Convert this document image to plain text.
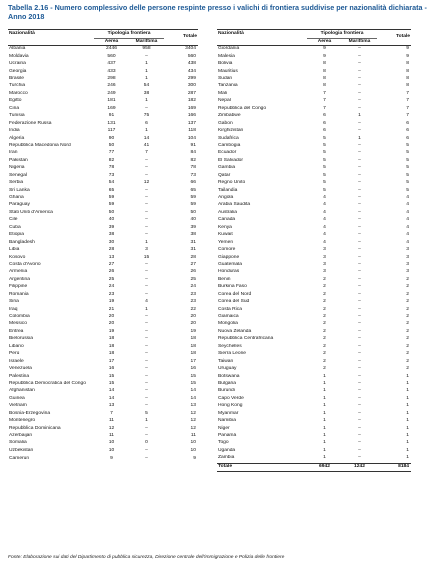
Tabella 2.16 - Numero complessivo delle persone respinte presso i valichi di frontiera suddivise per nazionalità dichiarata - Anno 2018
Nazionalità	Tipologia frontiera		Totale		Nazionalità	Tipologia frontiera		Totale
	Aerea	Marittima				Aerea	Marittima	
Albania	2446	958	3404		Giordania	9	–	9
Moldavia	560	–	560		Malesia	9	–	9
Ucraina	437	1	438		Bolivia	8	–	8
Georgia	433	1	434		Mauritius	8	–	8
Brasile	298	1	299		Sudan	8	–	8
Turchia	246	54	300		Tanzania	8	–	8
Marocco	249	38	287		Mali	7	–	7
Egitto	181	1	182		Nepal	7	–	7
Cina	169	–	169		Repubblica del Congo	7	–	7
Tunisia	91	75	166		Zimbabwe	6	1	7
Federazione Russa	131	6	137		Gabon	6	–	6
India	117	1	118		Kirghizistan	6	–	6
Algeria	90	14	104		Sudafrica	5	1	6
Repubblica Macedonia Nord	50	41	91		Cambogia	5	–	5
Iran	77	7	84		Ecuador	5	–	5
Pakistan	82	–	82		El Salvador	5	–	5
Nigeria	78	–	78		Gambia	5	–	5
Senegal	73	–	73		Qatar	5	–	5
Serbia	54	12	66		Regno Unito	5	–	5
Sri Lanka	65	–	65		Tailandia	5	–	5
Ghana	59	–	59		Angola	4	–	4
Paraguay	59	–	59		Arabia Saudita	4	–	4
Stati Uniti d'America	50	–	50		Australia	4	–	4
Cile	40	–	40		Canada	4	–	4
Cuba	39	–	39		Kenya	4	–	4
Etiopia	38	–	38		Kuwait	4	–	4
Bangladesh	30	1	31		Yemen	4	–	4
Libia	28	3	31		Comore	3	–	3
Kosovo	13	15	28		Giappone	3	–	3
Costa d'Avorio	27	–	27		Guatemala	3	–	3
Armenia	26	–	26		Honduras	3	–	3
Argentina	25	–	25		Benin	2	–	2
Filippine	24	–	24		Burkina Faso	2	–	2
Romania	23	–	23		Corea del Nord	2	–	2
Siria	19	4	23		Corea del Sud	2	–	2
Iraq	21	1	22		Costa Rica	2	–	2
Colombia	20	–	20		Giamaica	2	–	2
Messico	20	–	20		Mongolia	2	–	2
Eritrea	19	–	19		Nuova Zelanda	2	–	2
Bielorussia	18	–	18		Repubblica Centrafricana	2	–	2
Libano	18	–	18		Seychelles	2	–	2
Perù	18	–	18		Sierra Leone	2	–	2
Israele	17	–	17		Taiwan	2	–	2
Venezuela	16	–	16		Uruguay	2	–	2
Palestina	15	–	15		Botswana	1	–	1
Repubblica Democratica del Congo	15	–	15		Bulgaria	1	–	1
Afghanistan	14	–	14		Burundi	1	–	1
Guinea	14	–	14		Capo Verde	1	–	1
Vietnam	13	–	13		Hong Kong	1	–	1
Bosnia-Erzegovina	7	5	12		Myanmar	1	–	1
Montenegro	11	1	12		Namibia	1	–	1
Repubblica Dominicana	12	–	12		Niger	1	–	1
Azerbaijan	11	–	11		Panamá	1	–	1
Somalia	10	0	10		Togo	1	–	1
Uzbekistan	10	–	10		Uganda	1	–	1
Camerun	9	–	9		Zambia	1	–	1
					Totale	6942	1242	8184
Fonte: Elaborazione sui dati del Dipartimento di pubblica sicurezza, Direzione centrale dell'immigrazione e Polizia delle frontiere
